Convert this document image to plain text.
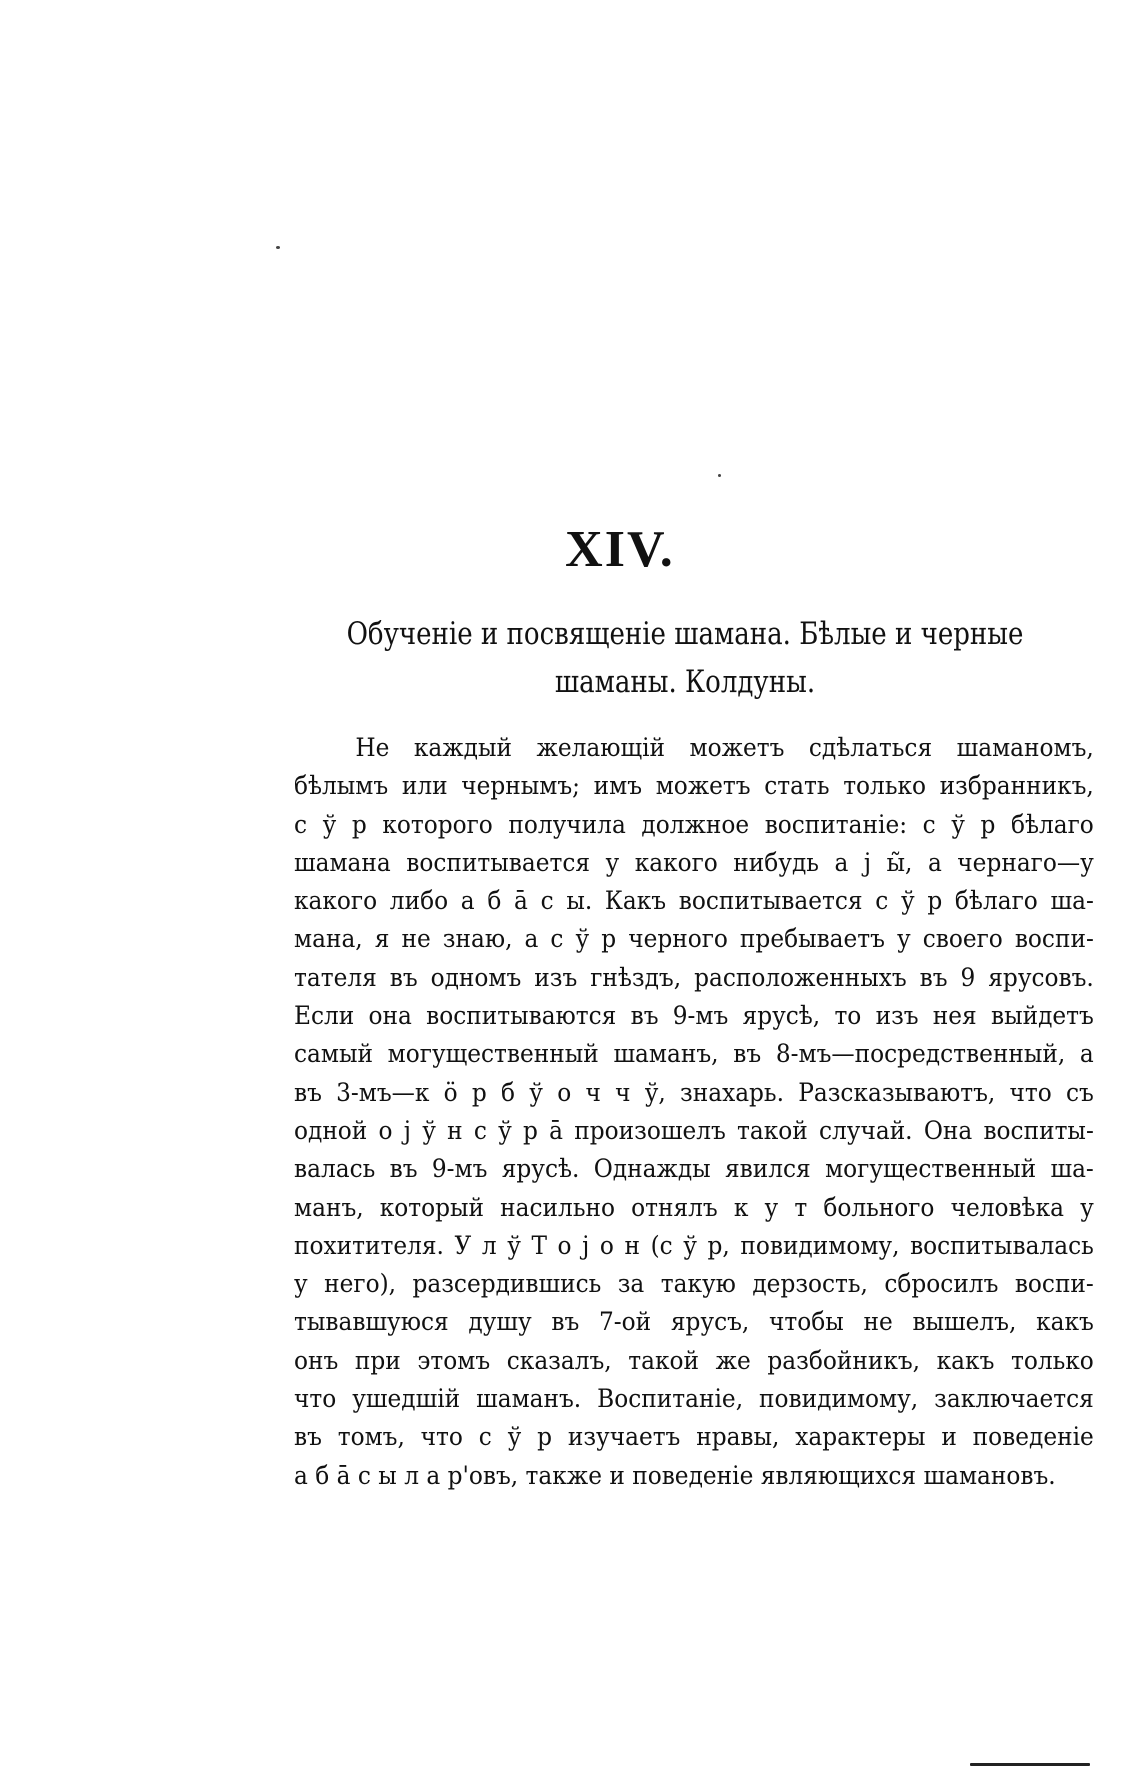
XIV.
Обученіе и посвященіе шамана. Бѣлые и черные
шаманы. Колдуны.
Не каждый желающій можетъ сдѣлаться шаманомъ,
бѣлымъ или чернымъ; имъ можетъ стать только избранникъ,
с ў р которого получила должное воспитаніе: с ў р бѣлаго
шамана воспитывается у какого нибудь а j ы̃, а чернаго—у
какого либо а б ā с ы. Какъ воспитывается с ў р бѣлаго ша-
мана, я не знаю, а с ў р черного пребываетъ у своего воспи-
тателя въ одномъ изъ гнѣздъ, расположенныхъ въ 9 ярусовъ.
Если она воспитываются въ 9-мъ ярусѣ, то изъ нея выйдетъ
самый могущественный шаманъ, въ 8-мъ—посредственный, а
въ 3-мъ—к ö р б ў о ч ч ў, знахарь. Разсказываютъ, что съ
одной о j ў н с ў р ā произошелъ такой случай. Она воспиты-
валась въ 9-мъ ярусѣ. Однажды явился могущественный ша-
манъ, который насильно отнялъ к у т больного человѣка у
похитителя. У л ў Т о j о н (с ў р, повидимому, воспитывалась
у него), разсердившись за такую дерзость, сбросилъ воспи-
тывавшуюся душу въ 7-ой ярусъ, чтобы не вышелъ, какъ
онъ при этомъ сказалъ, такой же разбойникъ, какъ только
что ушедшій шаманъ. Воспитаніе, повидимому, заключается
въ томъ, что с ў р изучаетъ нравы, характеры и поведеніе
а б ā с ы л а р'овъ, также и поведеніе являющихся шамановъ.
